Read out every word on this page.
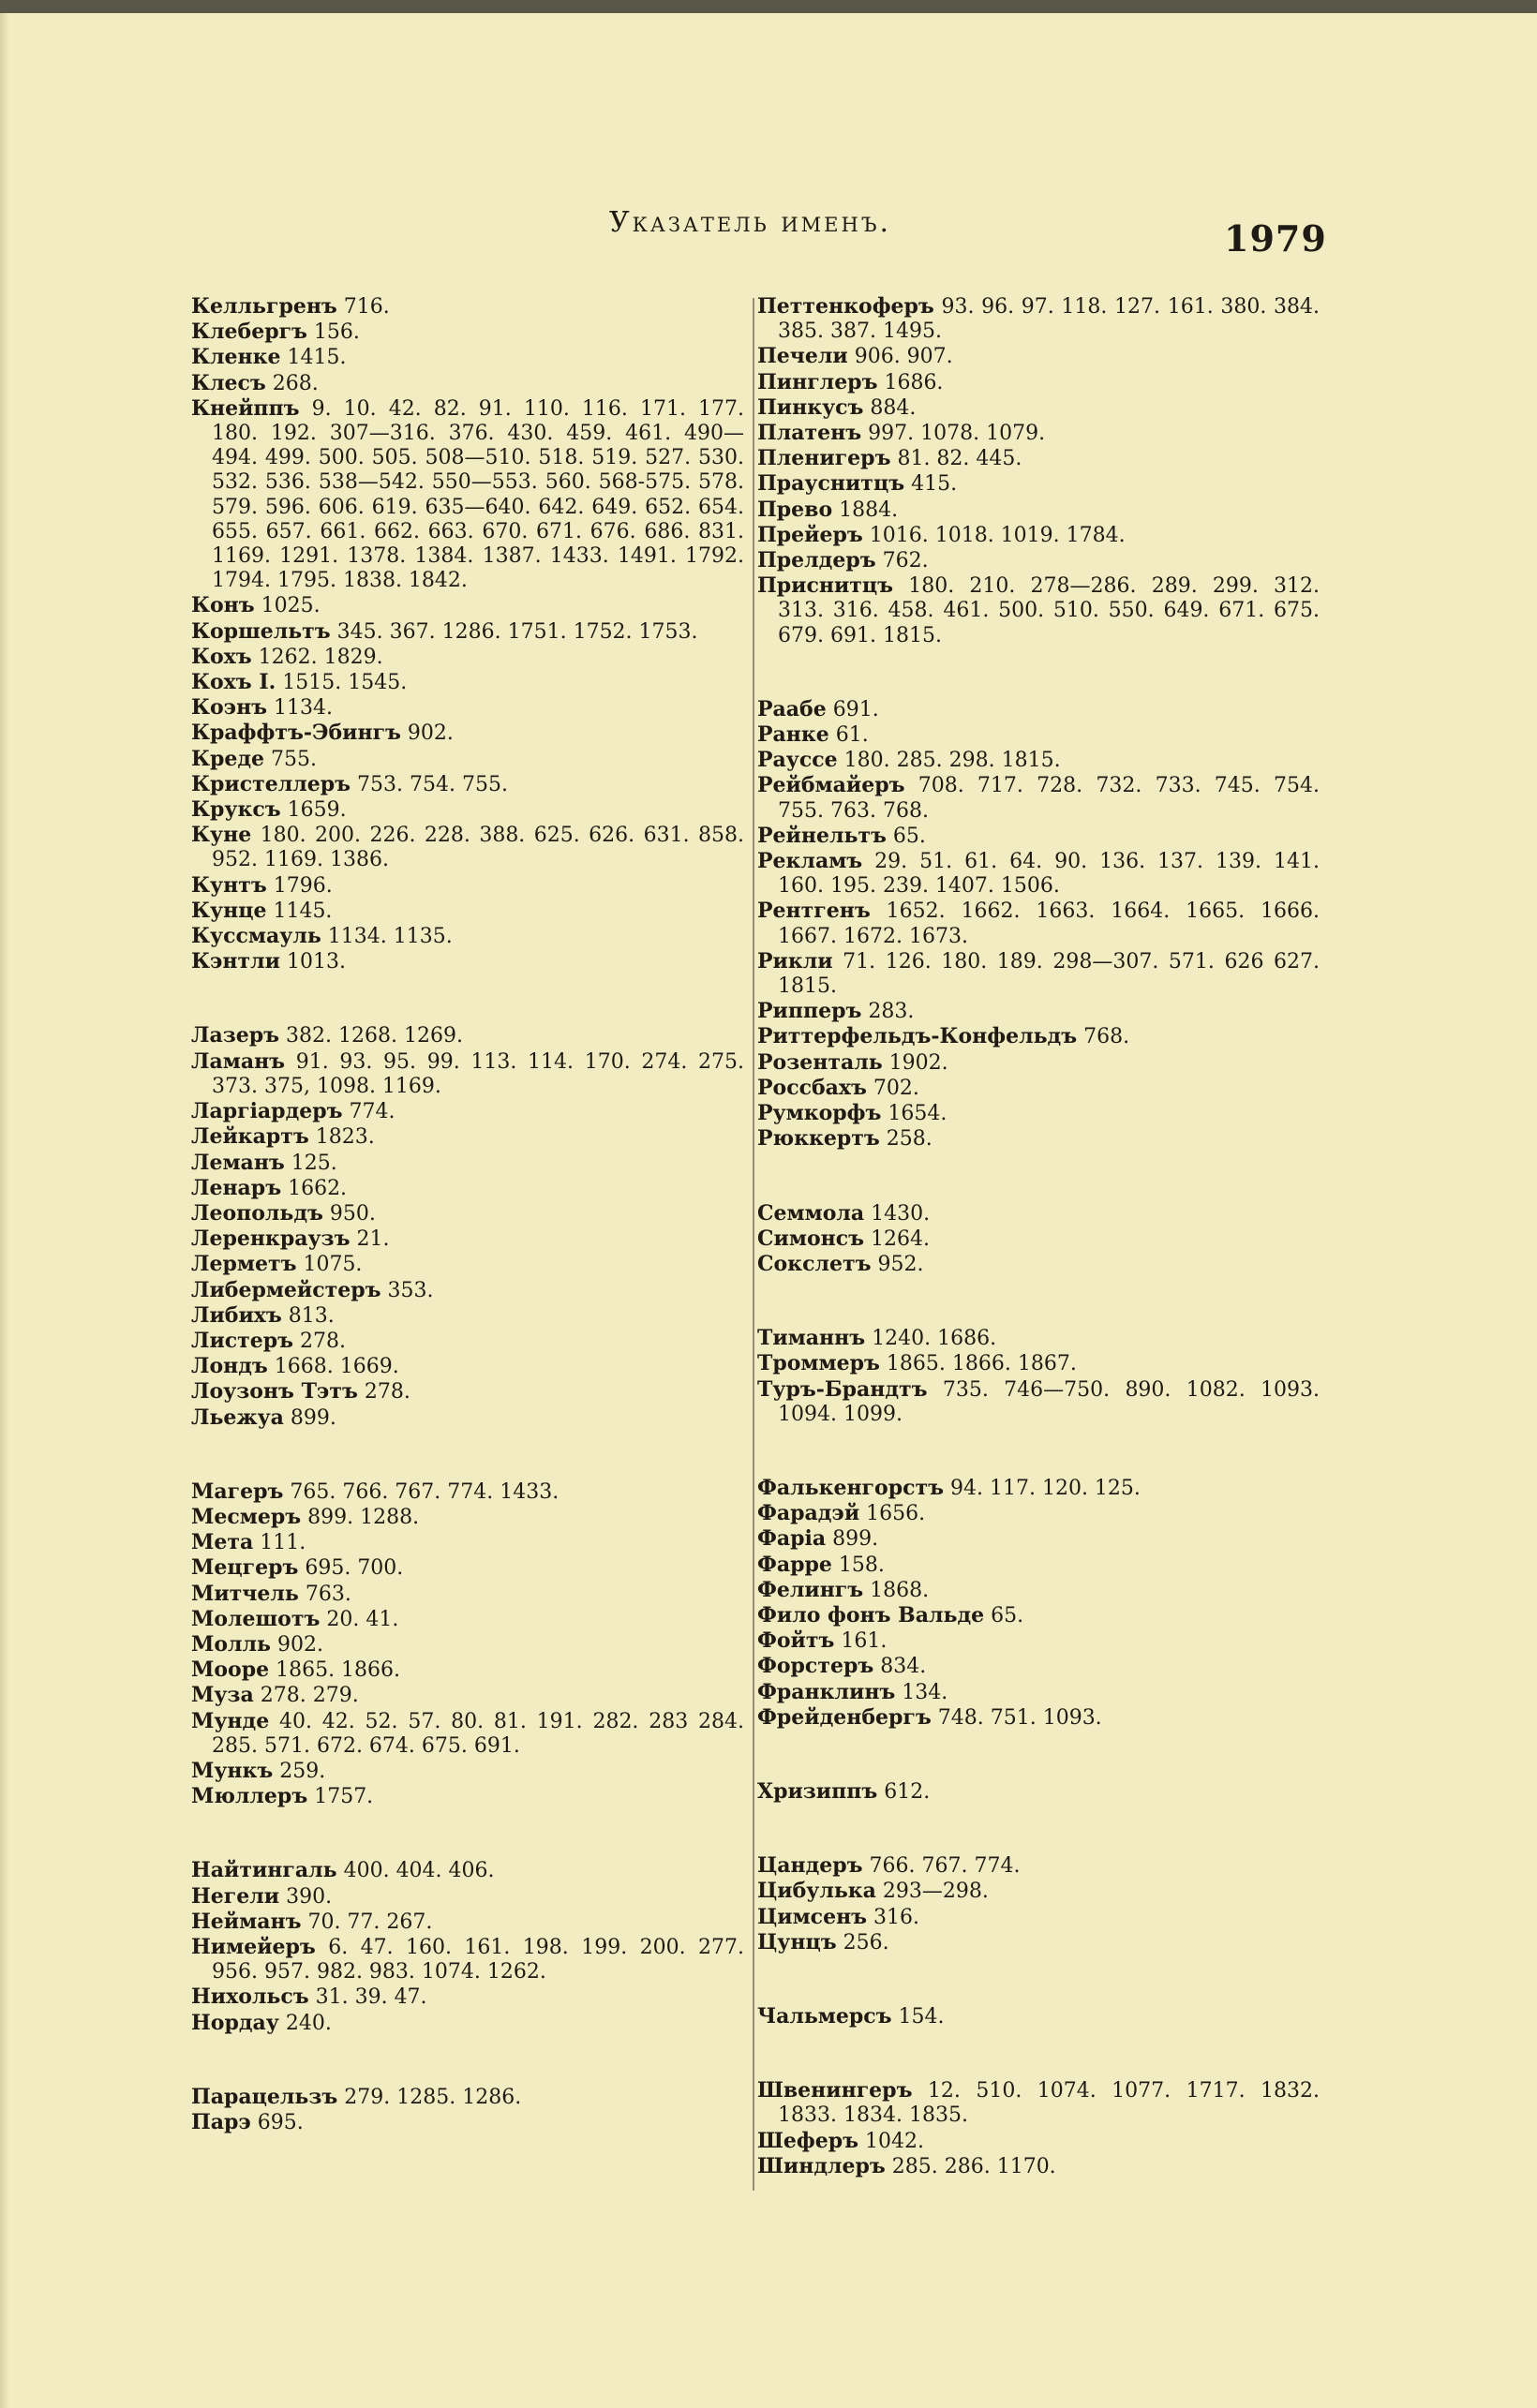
Указатель именъ.	1979
Келльгренъ 716.
Клебергъ 156.
Кленке 1415.
Клесъ 268.
Кнейппъ 9. 10. 42. 82. 91. 110. 116. 171. 177. 180. 192. 307—316. 376. 430. 459. 461. 490—494. 499. 500. 505. 508—510. 518. 519. 527. 530. 532. 536. 538—542. 550—553. 560. 568-575. 578. 579. 596. 606. 619. 635—640. 642. 649. 652. 654. 655. 657. 661. 662. 663. 670. 671. 676. 686. 831. 1169. 1291. 1378. 1384. 1387. 1433. 1491. 1792. 1794. 1795. 1838. 1842.
Конъ 1025.
Коршельтъ 345. 367. 1286. 1751. 1752. 1753.
Кохъ 1262. 1829.
Кохъ I. 1515. 1545.
Коэнъ 1134.
Краффтъ-Эбингъ 902.
Креде 755.
Кристеллеръ 753. 754. 755.
Круксъ 1659.
Куне 180. 200. 226. 228. 388. 625. 626. 631. 858. 952. 1169. 1386.
Кунтъ 1796.
Кунце 1145.
Куссмауль 1134. 1135.
Кэнтли 1013.
Лазеръ 382. 1268. 1269.
Ламанъ 91. 93. 95. 99. 113. 114. 170. 274. 275. 373. 375, 1098. 1169.
Ларгіардеръ 774.
Лейкартъ 1823.
Леманъ 125.
Ленаръ 1662.
Леопольдъ 950.
Леренкраузъ 21.
Лерметъ 1075.
Либермейстеръ 353.
Либихъ 813.
Листеръ 278.
Лондъ 1668. 1669.
Лоузонъ Тэтъ 278.
Льежуа 899.
Магеръ 765. 766. 767. 774. 1433.
Месмеръ 899. 1288.
Мета 111.
Мецгеръ 695. 700.
Митчель 763.
Молешотъ 20. 41.
Молль 902.
Мооре 1865. 1866.
Муза 278. 279.
Мунде 40. 42. 52. 57. 80. 81. 191. 282. 283 284. 285. 571. 672. 674. 675. 691.
Мункъ 259.
Мюллеръ 1757.
Найтингаль 400. 404. 406.
Негели 390.
Нейманъ 70. 77. 267.
Нимейеръ 6. 47. 160. 161. 198. 199. 200. 277. 956. 957. 982. 983. 1074. 1262.
Нихольсъ 31. 39. 47.
Нордау 240.
Парацельзъ 279. 1285. 1286.
Парэ 695.
Петтенкоферъ 93. 96. 97. 118. 127. 161. 380. 384. 385. 387. 1495.
Печели 906. 907.
Пинглеръ 1686.
Пинкусъ 884.
Платенъ 997. 1078. 1079.
Пленигеръ 81. 82. 445.
Прауснитцъ 415.
Прево 1884.
Прейеръ 1016. 1018. 1019. 1784.
Прелдеръ 762.
Приснитцъ 180. 210. 278—286. 289. 299. 312. 313. 316. 458. 461. 500. 510. 550. 649. 671. 675. 679. 691. 1815.
Раабе 691.
Ранке 61.
Рауссе 180. 285. 298. 1815.
Рейбмайеръ 708. 717. 728. 732. 733. 745. 754. 755. 763. 768.
Рейнельтъ 65.
Рекламъ 29. 51. 61. 64. 90. 136. 137. 139. 141. 160. 195. 239. 1407. 1506.
Рентгенъ 1652. 1662. 1663. 1664. 1665. 1666. 1667. 1672. 1673.
Рикли 71. 126. 180. 189. 298—307. 571. 626 627. 1815.
Рипперъ 283.
Риттерфельдъ-Конфельдъ 768.
Розенталь 1902.
Россбахъ 702.
Румкорфъ 1654.
Рюккертъ 258.
Семмола 1430.
Симонсъ 1264.
Сокслетъ 952.
Тиманнъ 1240. 1686.
Троммеръ 1865. 1866. 1867.
Туръ-Брандтъ 735. 746—750. 890. 1082. 1093. 1094. 1099.
Фалькенгорстъ 94. 117. 120. 125.
Фарадэй 1656.
Фаріа 899.
Фарре 158.
Фелингъ 1868.
Фило фонъ Вальде 65.
Фойтъ 161.
Форстеръ 834.
Франклинъ 134.
Фрейденбергъ 748. 751. 1093.
Хризиппъ 612.
Цандеръ 766. 767. 774.
Цибулька 293—298.
Цимсенъ 316.
Цунцъ 256.
Чальмерсъ 154.
Швенингеръ 12. 510. 1074. 1077. 1717. 1832. 1833. 1834. 1835.
Шеферъ 1042.
Шиндлеръ 285. 286. 1170.
